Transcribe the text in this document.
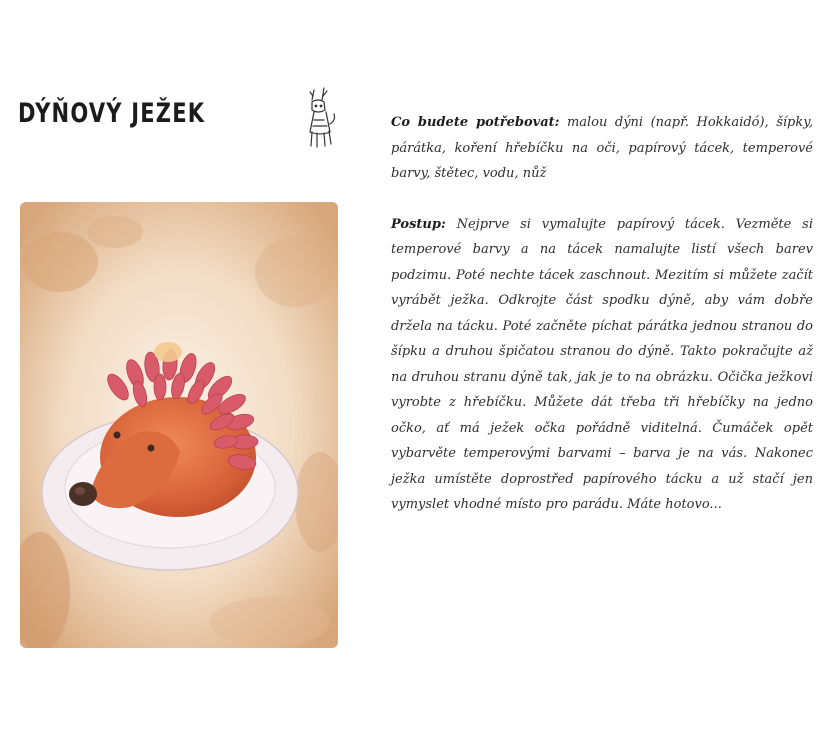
DÝŇOVÝ JEŽEK	Co budete potřebovat: malou dýni (např. Hokkaidó), šípky, párátka, koření hřebíčku na oči, papírový tácek, temperové barvy, štětec, vodu, nůž

Postup: Nejprve si vymalujte papírový tácek. Vezměte si temperové barvy a na tácek namalujte listí všech barev podzimu. Poté nechte tácek zaschnout. Mezitím si můžete začít vyrábět ježka. Odkrojte část spodku dýně, aby vám dobře držela na tácku. Poté začněte píchat párátka jednou stranou do šípku a druhou špičatou stranou do dýně. Takto pokračujte až na druhou stranu dýně tak, jak je to na obrázku. Očička ježkovi vyrobte z hřebíčku. Můžete dát třeba tři hřebíčky na jedno očko, ať má ježek očka pořádně viditelná. Čumáček opět vybarvěte temperovými barvami – barva je na vás. Nakonec ježka umístěte doprostřed papírového tácku a už stačí jen vymyslet vhodné místo pro parádu. Máte hotovo...
